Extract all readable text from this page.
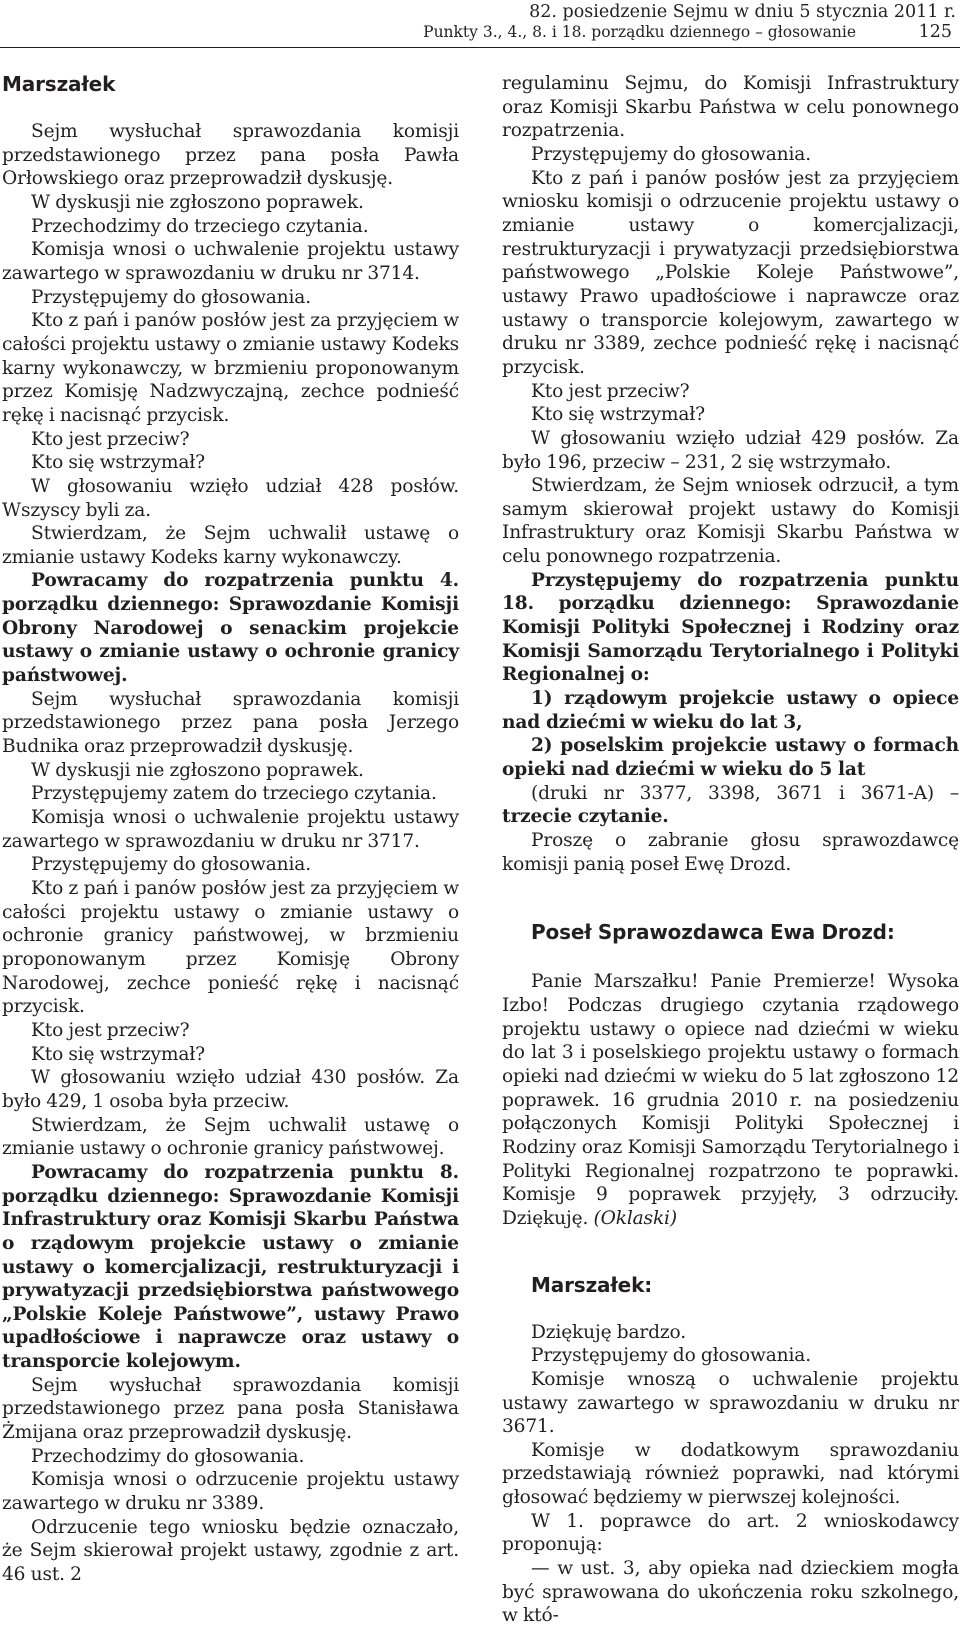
82. posiedzenie Sejmu w dniu 5 stycznia 2011 r.
Punkty 3., 4., 8. i 18. porządku dziennego – głosowanie	125

Marszałek

Sejm wysłuchał sprawozdania komisji przedstawionego przez pana posła Pawła Orłowskiego oraz przeprowadził dyskusję.

W dyskusji nie zgłoszono poprawek.

Przechodzimy do trzeciego czytania.

Komisja wnosi o uchwalenie projektu ustawy zawartego w sprawozdaniu w druku nr 3714.

Przystępujemy do głosowania.

Kto z pań i panów posłów jest za przyjęciem w całości projektu ustawy o zmianie ustawy Kodeks karny wykonawczy, w brzmieniu proponowanym przez Komisję Nadzwyczajną, zechce podnieść rękę i nacisnąć przycisk.

Kto jest przeciw?

Kto się wstrzymał?

W głosowaniu wzięło udział 428 posłów. Wszyscy byli za.

Stwierdzam, że Sejm uchwalił ustawę o zmianie ustawy Kodeks karny wykonawczy.

Powracamy do rozpatrzenia punktu 4. porządku dziennego: Sprawozdanie Komisji Obrony Narodowej o senackim projekcie ustawy o zmianie ustawy o ochronie granicy państwowej.

Sejm wysłuchał sprawozdania komisji przedstawionego przez pana posła Jerzego Budnika oraz przeprowadził dyskusję.

W dyskusji nie zgłoszono poprawek.

Przystępujemy zatem do trzeciego czytania.

Komisja wnosi o uchwalenie projektu ustawy zawartego w sprawozdaniu w druku nr 3717.

Przystępujemy do głosowania.

Kto z pań i panów posłów jest za przyjęciem w całości projektu ustawy o zmianie ustawy o ochronie granicy państwowej, w brzmieniu proponowanym przez Komisję Obrony Narodowej, zechce ponieść rękę i nacisnąć przycisk.

Kto jest przeciw?

Kto się wstrzymał?

W głosowaniu wzięło udział 430 posłów. Za było 429, 1 osoba była przeciw.

Stwierdzam, że Sejm uchwalił ustawę o zmianie ustawy o ochronie granicy państwowej.

Powracamy do rozpatrzenia punktu 8. porządku dziennego: Sprawozdanie Komisji Infrastruktury oraz Komisji Skarbu Państwa o rządowym projekcie ustawy o zmianie ustawy o komercjalizacji, restrukturyzacji i prywatyzacji przedsiębiorstwa państwowego „Polskie Koleje Państwowe”, ustawy Prawo upadłościowe i naprawcze oraz ustawy o transporcie kolejowym.

Sejm wysłuchał sprawozdania komisji przedstawionego przez pana posła Stanisława Żmijana oraz przeprowadził dyskusję.

Przechodzimy do głosowania.

Komisja wnosi o odrzucenie projektu ustawy zawartego w druku nr 3389.

Odrzucenie tego wniosku będzie oznaczało, że Sejm skierował projekt ustawy, zgodnie z art. 46 ust. 2

regulaminu Sejmu, do Komisji Infrastruktury oraz Komisji Skarbu Państwa w celu ponownego rozpatrzenia.

Przystępujemy do głosowania.

Kto z pań i panów posłów jest za przyjęciem wniosku komisji o odrzucenie projektu ustawy o zmianie ustawy o komercjalizacji, restrukturyzacji i prywatyzacji przedsiębiorstwa państwowego „Polskie Koleje Państwowe”, ustawy Prawo upadłościowe i naprawcze oraz ustawy o transporcie kolejowym, zawartego w druku nr 3389, zechce podnieść rękę i nacisnąć przycisk.

Kto jest przeciw?

Kto się wstrzymał?

W głosowaniu wzięło udział 429 posłów. Za było 196, przeciw – 231, 2 się wstrzymało.

Stwierdzam, że Sejm wniosek odrzucił, a tym samym skierował projekt ustawy do Komisji Infrastruktury oraz Komisji Skarbu Państwa w celu ponownego rozpatrzenia.

Przystępujemy do rozpatrzenia punktu 18. porządku dziennego: Sprawozdanie Komisji Polityki Społecznej i Rodziny oraz Komisji Samorządu Terytorialnego i Polityki Regionalnej o:

1) rządowym projekcie ustawy o opiece nad dziećmi w wieku do lat 3,

2) poselskim projekcie ustawy o formach opieki nad dziećmi w wieku do 5 lat

(druki nr 3377, 3398, 3671 i 3671-A) – trzecie czytanie.

Proszę o zabranie głosu sprawozdawcę komisji panią poseł Ewę Drozd.

Poseł Sprawozdawca Ewa Drozd:

Panie Marszałku! Panie Premierze! Wysoka Izbo! Podczas drugiego czytania rządowego projektu ustawy o opiece nad dziećmi w wieku do lat 3 i poselskiego projektu ustawy o formach opieki nad dziećmi w wieku do 5 lat zgłoszono 12 poprawek. 16 grudnia 2010 r. na posiedzeniu połączonych Komisji Polityki Społecznej i Rodziny oraz Komisji Samorządu Terytorialnego i Polityki Regionalnej rozpatrzono te poprawki. Komisje 9 poprawek przyjęły, 3 odrzuciły. Dziękuję. (Oklaski)

Marszałek:

Dziękuję bardzo.

Przystępujemy do głosowania.

Komisje wnoszą o uchwalenie projektu ustawy zawartego w sprawozdaniu w druku nr 3671.

Komisje w dodatkowym sprawozdaniu przedstawiają również poprawki, nad którymi głosować będziemy w pierwszej kolejności.

W 1. poprawce do art. 2 wnioskodawcy proponują:

— w ust. 3, aby opieka nad dzieckiem mogła być sprawowana do ukończenia roku szkolnego, w któ-
